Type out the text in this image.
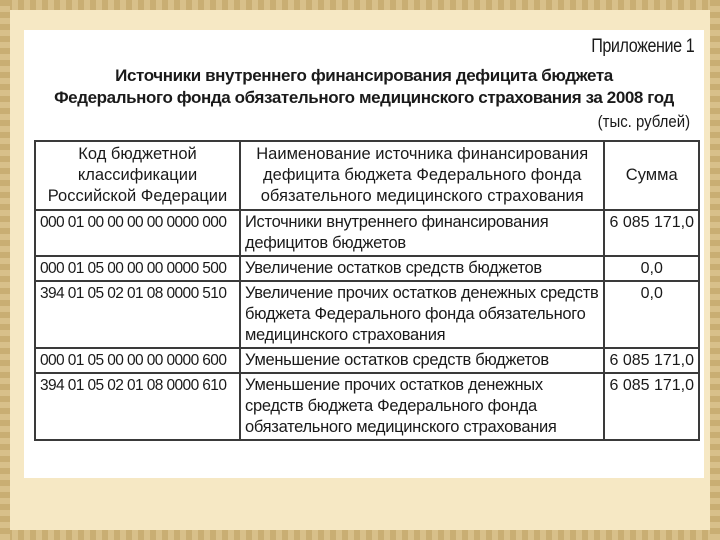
Приложение 1
Источники внутреннего финансирования дефицита бюджета
Федерального фонда обязательного медицинского страхования за 2008 год
(тыс. рублей)
Код бюджетной классификации Российской Федерации	Наименование источника финансирования дефицита бюджета Федерального фонда обязательного медицинского страхования	Сумма
000 01 00 00 00 00 0000 000	Источники внутреннего финансирования дефицитов бюджетов	6 085 171,0
000 01 05 00 00 00 0000 500	Увеличение остатков средств бюджетов	0,0
394 01 05 02 01 08 0000 510	Увеличение прочих остатков денежных средств бюджета Федерального фонда обязательного медицинского страхования	0,0
000 01 05 00 00 00 0000 600	Уменьшение остатков средств бюджетов	6 085 171,0
394 01 05 02 01 08 0000 610	Уменьшение прочих остатков денежных средств бюджета Федерального фонда обязательного медицинского страхования	6 085 171,0
